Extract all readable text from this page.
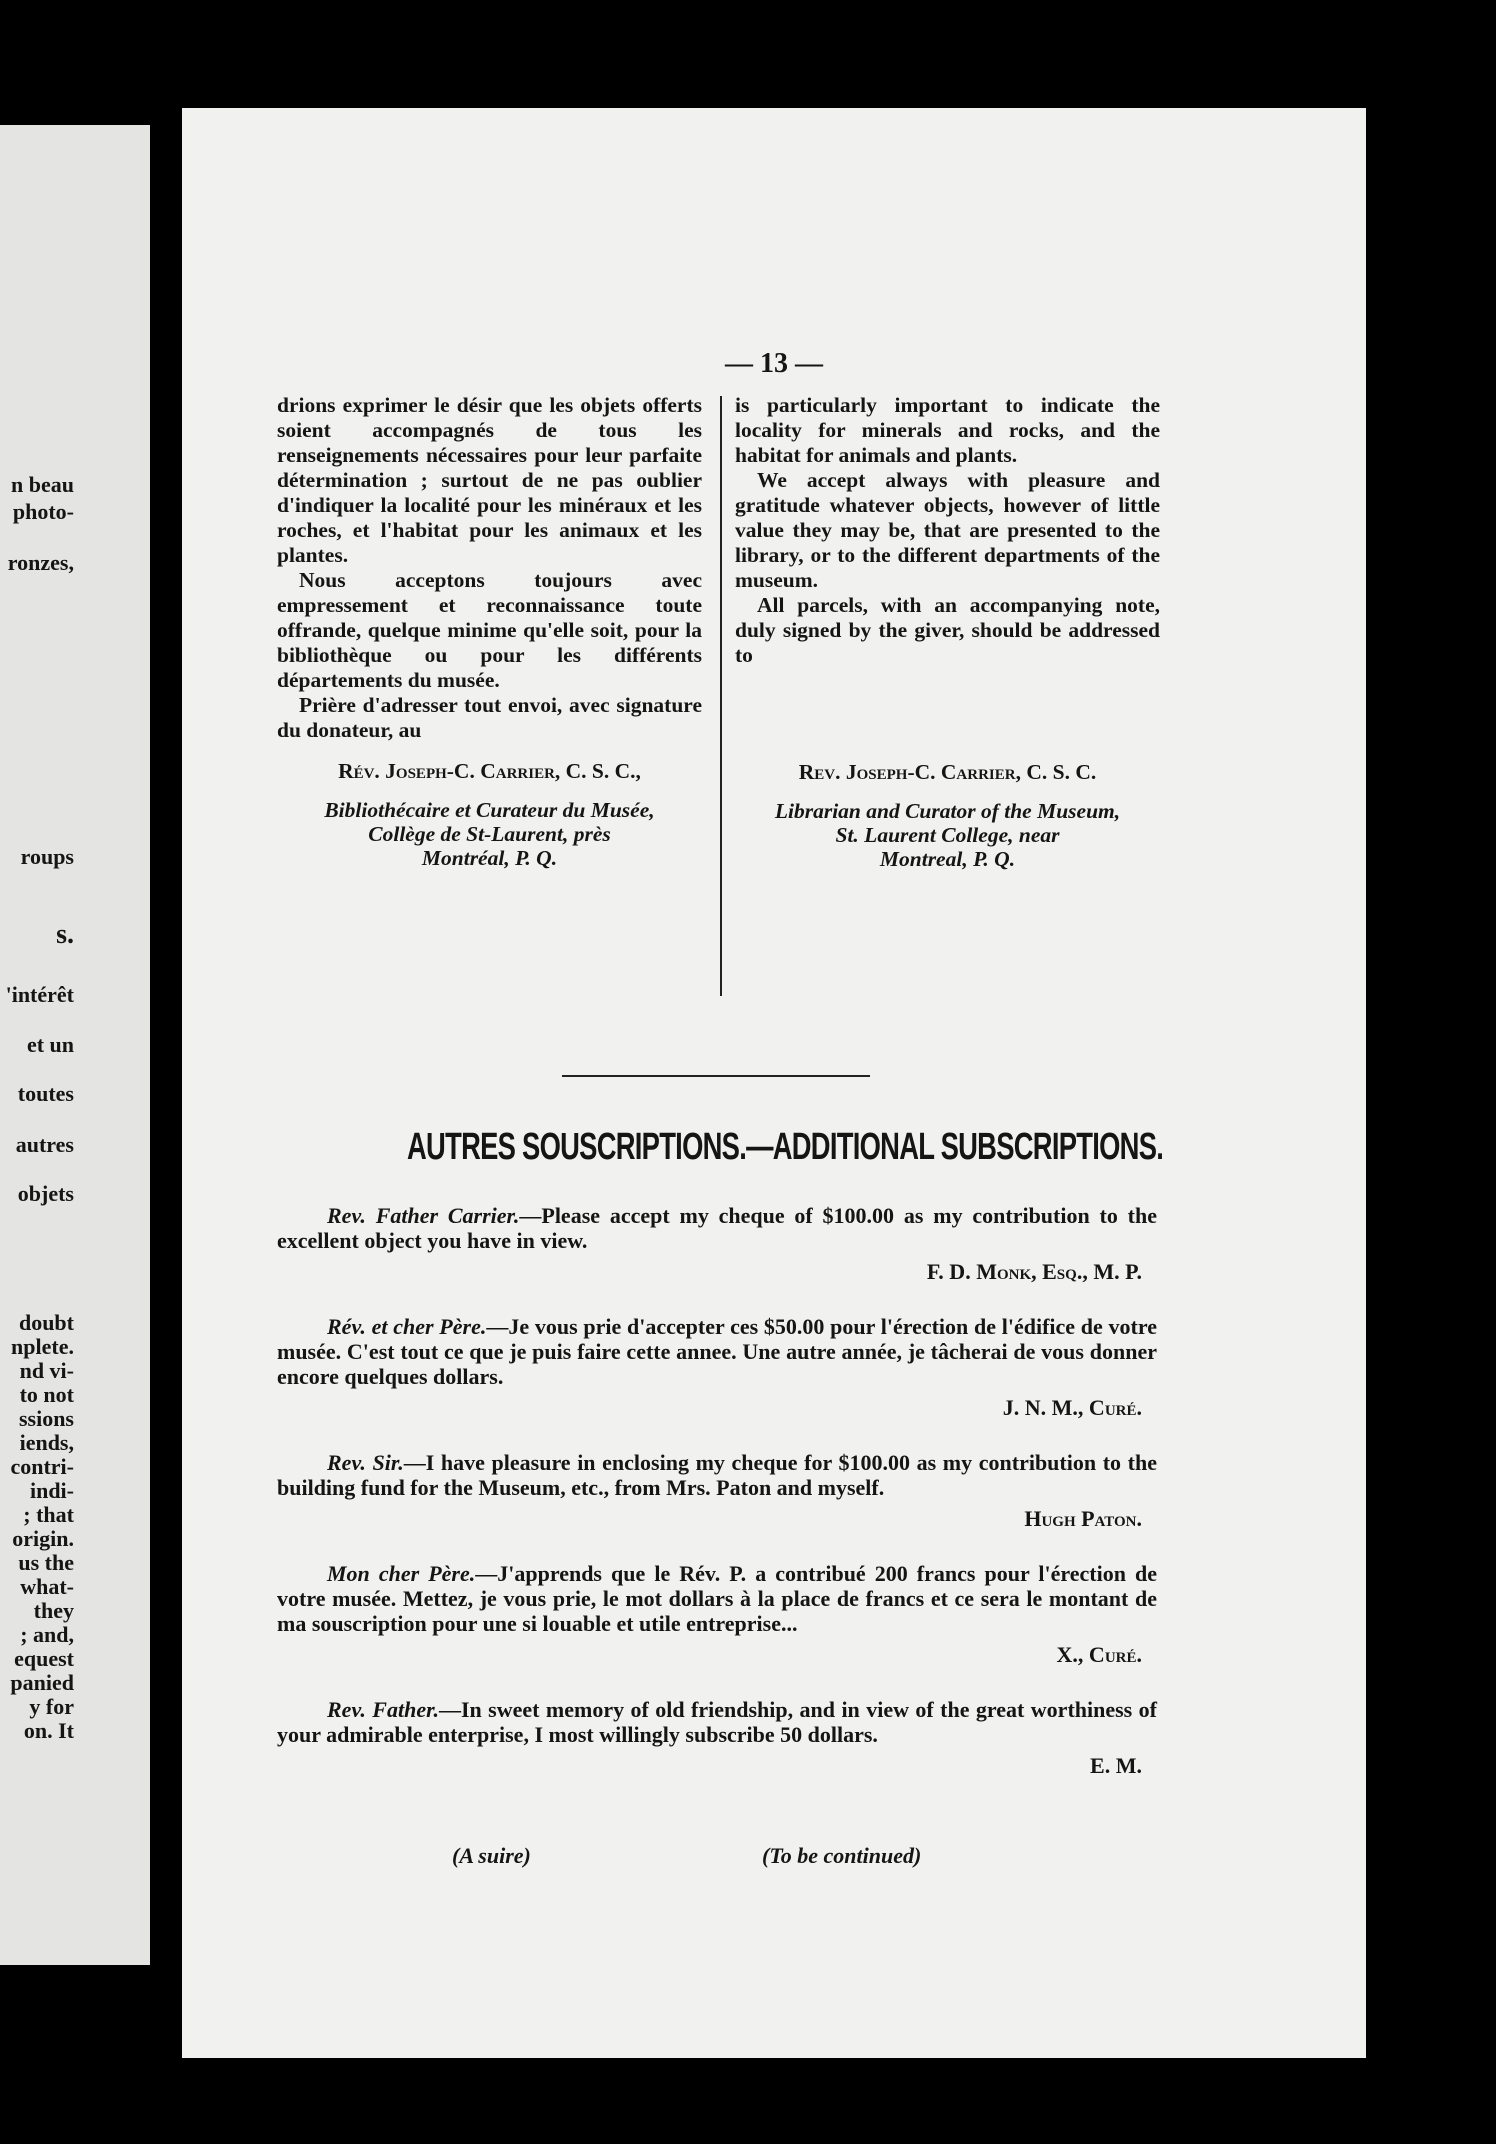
n beau
photo-
ronzes,
roups
s.
'intérêt
et un
toutes
autres
objets
doubt
nplete.
nd vi-
to not
ssions
iends,
contri-
indi-
; that
origin.
us the
what-
they
; and,
equest
panied
y for
on. It
— 13 —

drions exprimer le désir que les objets offerts soient accompagnés de tous les renseignements nécessaires pour leur parfaite détermination ; surtout de ne pas oublier d'indiquer la localité pour les minéraux et les roches, et l'habitat pour les animaux et les plantes.

Nous acceptons toujours avec empressement et reconnaissance toute offrande, quelque minime qu'elle soit, pour la bibliothèque ou pour les différents départements du musée.

Prière d'adresser tout envoi, avec signature du donateur, au

Rév. Joseph-C. Carrier, C. S. C.,

Bibliothécaire et Curateur du Musée,
Collège de St-Laurent, près
Montréal, P. Q.

is particularly important to indicate the locality for minerals and rocks, and the habitat for animals and plants.

We accept always with pleasure and gratitude whatever objects, however of little value they may be, that are presented to the library, or to the different departments of the museum.

All parcels, with an accompanying note, duly signed by the giver, should be addressed to

Rev. Joseph-C. Carrier, C. S. C.

Librarian and Curator of the Museum,
St. Laurent College, near
Montreal, P. Q.

AUTRES SOUSCRIPTIONS.—ADDITIONAL SUBSCRIPTIONS.

Rev. Father Carrier.—Please accept my cheque of $100.00 as my contribution to the excellent object you have in view.

F. D. Monk, Esq., M. P.

Rév. et cher Père.—Je vous prie d'accepter ces $50.00 pour l'érection de l'édifice de votre musée. C'est tout ce que je puis faire cette annee. Une autre année, je tâcherai de vous donner encore quelques dollars.

J. N. M., Curé.

Rev. Sir.—I have pleasure in enclosing my cheque for $100.00 as my contribution to the building fund for the Museum, etc., from Mrs. Paton and myself.

Hugh Paton.

Mon cher Père.—J'apprends que le Rév. P. a contribué 200 francs pour l'érection de votre musée. Mettez, je vous prie, le mot dollars à la place de francs et ce sera le montant de ma souscription pour une si louable et utile entreprise...

X., Curé.

Rev. Father.—In sweet memory of old friendship, and in view of the great worthiness of your admirable enterprise, I most willingly subscribe 50 dollars.

E. M.

(A suire)	(To be continued)
